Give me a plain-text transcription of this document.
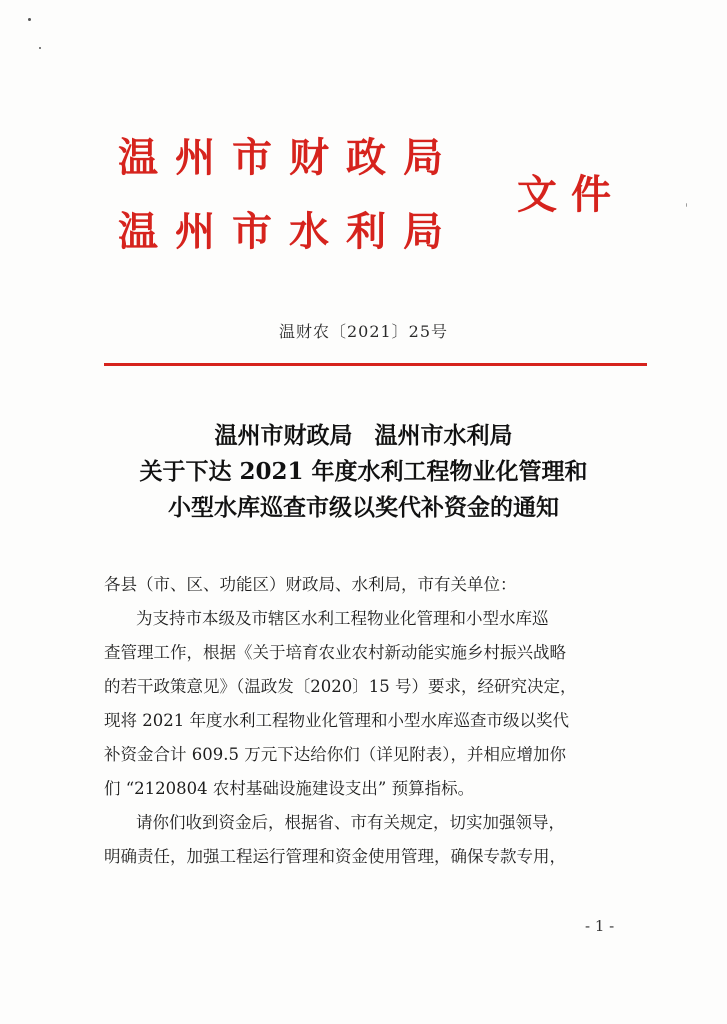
温州市财政局
温州市水利局
文件
温财农〔2021〕25号
温州市财政局 温州市水利局
关于下达 2021 年度水利工程物业化管理和
小型水库巡查市级以奖代补资金的通知
各县（市、区、功能区）财政局、水利局，市有关单位：
为支持市本级及市辖区水利工程物业化管理和小型水库巡
查管理工作，根据《关于培育农业农村新动能实施乡村振兴战略
的若干政策意见》（温政发〔2020〕15 号）要求，经研究决定，
现将 2021 年度水利工程物业化管理和小型水库巡查市级以奖代
补资金合计 609.5 万元下达给你们（详见附表），并相应增加你
们 “2120804 农村基础设施建设支出” 预算指标。
请你们收到资金后，根据省、市有关规定，切实加强领导，
明确责任，加强工程运行管理和资金使用管理，确保专款专用，
- 1 -
